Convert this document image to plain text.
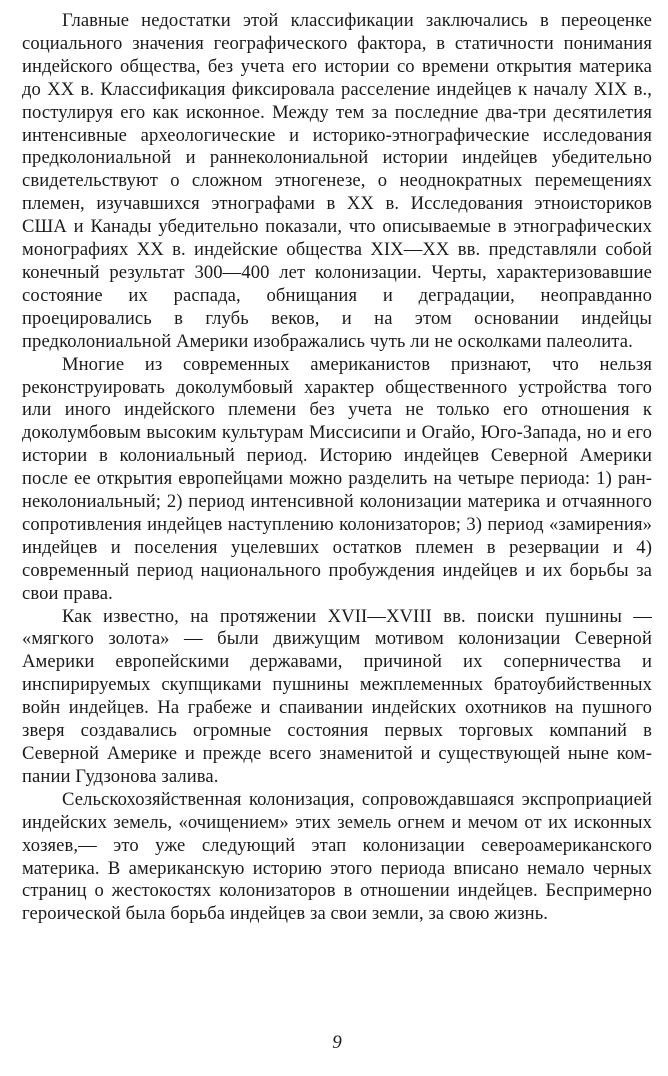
Главные недостатки этой классификации заключались в переоценке социального значения географического фактора, в статичности понимания индейского общества, без учета его истории со времени открытия материка до XX в. Классификация фиксировала расселение индейцев к началу XIX в., постулируя его как исконное. Между тем за последние два-три десятилетия интенсивные археологические и историко-этнографические исследования предколониальной и раннеколониальной истории индейцев убедительно свидетельствуют о сложном этногенезе, о неоднократных перемещениях племен, изучавшихся этнографами в XX в. Исследования этноисториков США и Канады убедительно показали, что описываемые в этнографических монографиях XX в. индейские общества XIX—XX вв. представляли собой конечный результат 300—400 лет колонизации. Черты, характеризовавшие состояние их распада, обнищания и деградации, неоправданно проецировались в глубь веков, и на этом основании индейцы предколониальной Америки изображались чуть ли не осколками палеолита.

Многие из современных американистов признают, что нельзя реконструировать доколумбовый характер общественного устройства того или иного индейского племени без учета не только его отношения к доколумбовым высоким культурам Миссисипи и Огайо, Юго-Запада, но и его истории в колониальный период. Историю индейцев Северной Америки после ее открытия европейцами можно разделить на четыре периода: 1) раннеколониальный; 2) период интенсивной колонизации материка и отчаянного сопротивления индейцев наступлению колонизаторов; 3) период «замирения» индейцев и поселения уцелевших остатков племен в резервации и 4) современный период национального пробуждения индейцев и их борьбы за свои права.

Как известно, на протяжении XVII—XVIII вв. поиски пушнины — «мягкого золота» — были движущим мотивом колонизации Северной Америки европейскими державами, причиной их соперничества и инспирируемых скупщиками пушнины межплеменных братоубийственных войн индейцев. На грабеже и спаивании индейских охотников на пушного зверя создавались огромные состояния первых торговых компаний в Северной Америке и прежде всего знаменитой и существующей ныне компании Гудзонова залива.

Сельскохозяйственная колонизация, сопровождавшаяся экспроприацией индейских земель, «очищением» этих земель огнем и мечом от их исконных хозяев,— это уже следующий этап колонизации североамериканского материка. В американскую историю этого периода вписано немало черных страниц о жестокостях колонизаторов в отношении индейцев. Беспримерно героической была борьба индейцев за свои земли, за свою жизнь.

9
